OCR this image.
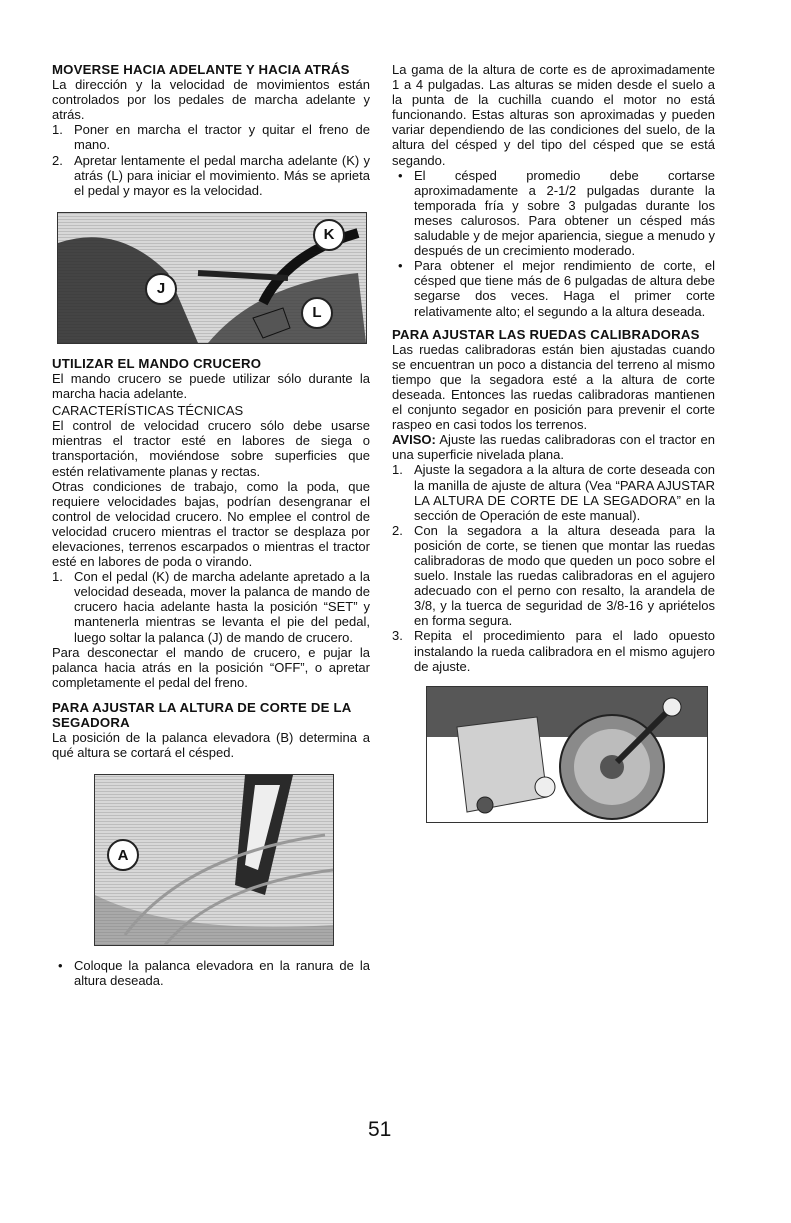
MOVERSE HACIA ADELANTE Y HACIA ATRÁS

La dirección y la velocidad de movimientos están controlados por los pedales de marcha adelante y atrás.

1. Poner en marcha el tractor y quitar el freno de mano.
2. Apretar lentamente el pedal marcha adelante (K) y atrás (L) para iniciar el movimiento. Más se aprieta el pedal y mayor es la velocidad.
K
J
L
UTILIZAR EL MANDO CRUCERO

El mando crucero se puede utilizar sólo durante la marcha hacia adelante.

CARACTERÍSTICAS TÉCNICAS

El control de velocidad crucero sólo debe usarse mientras el tractor esté en labores de siega o transportación, moviéndose sobre superficies que estén relativamente planas y rectas.

Otras condiciones de trabajo, como la poda, que requiere velocidades bajas, podrían desengranar el control de velocidad crucero. No emplee el control de velocidad crucero mientras el tractor se desplaza por elevaciones, terrenos escarpados o mientras el tractor esté en labores de poda o virando.

1. Con el pedal (K) de marcha adelante apretado a la velocidad deseada, mover la palanca de mando de crucero hacia adelante hasta la posición “SET” y mantenerla mientras se levanta el pie del pedal, luego soltar la palanca (J) de mando de crucero.

Para desconectar el mando de crucero, e pujar la palanca hacia atrás en la posición “OFF”, o apretar completamente el pedal del freno.

PARA AJUSTAR LA ALTURA DE CORTE DE LA SEGADORA

La posición de la palanca elevadora (B) determina a qué altura se cortará el césped.

A
• Coloque la palanca elevadora en la ranura de la altura deseada.

La gama de la altura de corte es de aproximadamente 1 a 4 pulgadas. Las alturas se miden desde el suelo a la punta de la cuchilla cuando el motor no está funcionando. Estas alturas son aproximadas y pueden variar dependiendo de las condiciones del suelo, de la altura del césped y del tipo del césped que se está segando.

• El césped promedio debe cortarse aproximadamente a 2-1/2 pulgadas durante la temporada fría y sobre 3 pulgadas durante los meses calurosos. Para obtener un césped más saludable y de mejor apariencia, siegue a menudo y después de un crecimiento moderado.
• Para obtener el mejor rendimiento de corte, el césped que tiene más de 6 pulgadas de altura debe segarse dos veces. Haga el primer corte relativamente alto; el segundo a la altura deseada.
PARA AJUSTAR LAS RUEDAS CALIBRADORAS

Las ruedas calibradoras están bien ajustadas cuando se encuentran un poco a distancia del terreno al mismo tiempo que la segadora esté a la altura de corte deseada. Entonces las ruedas calibradoras mantienen el conjunto segador en posición para prevenir el corte raspeo en casi todos los terrenos.

AVISO: Ajuste las ruedas calibradoras con el tractor en una superficie nivelada plana.

1. Ajuste la segadora a la altura de corte deseada con la manilla de ajuste de altura (Vea “PARA AJUSTAR LA ALTURA DE CORTE DE LA SEGADORA” en la sección de Operación de este manual).
2. Con la segadora a la altura deseada para la posición de corte, se tienen que montar las ruedas calibradoras de modo que queden un poco sobre el suelo. Instale las ruedas calibradoras en el agujero adecuado con el perno con resalto, la arandela de 3/8, y la tuerca de seguridad de 3/8-16 y apriételos en forma segura.
3. Repita el procedimiento para el lado opuesto instalando la rueda calibradora en el mismo agujero de ajuste.
51
